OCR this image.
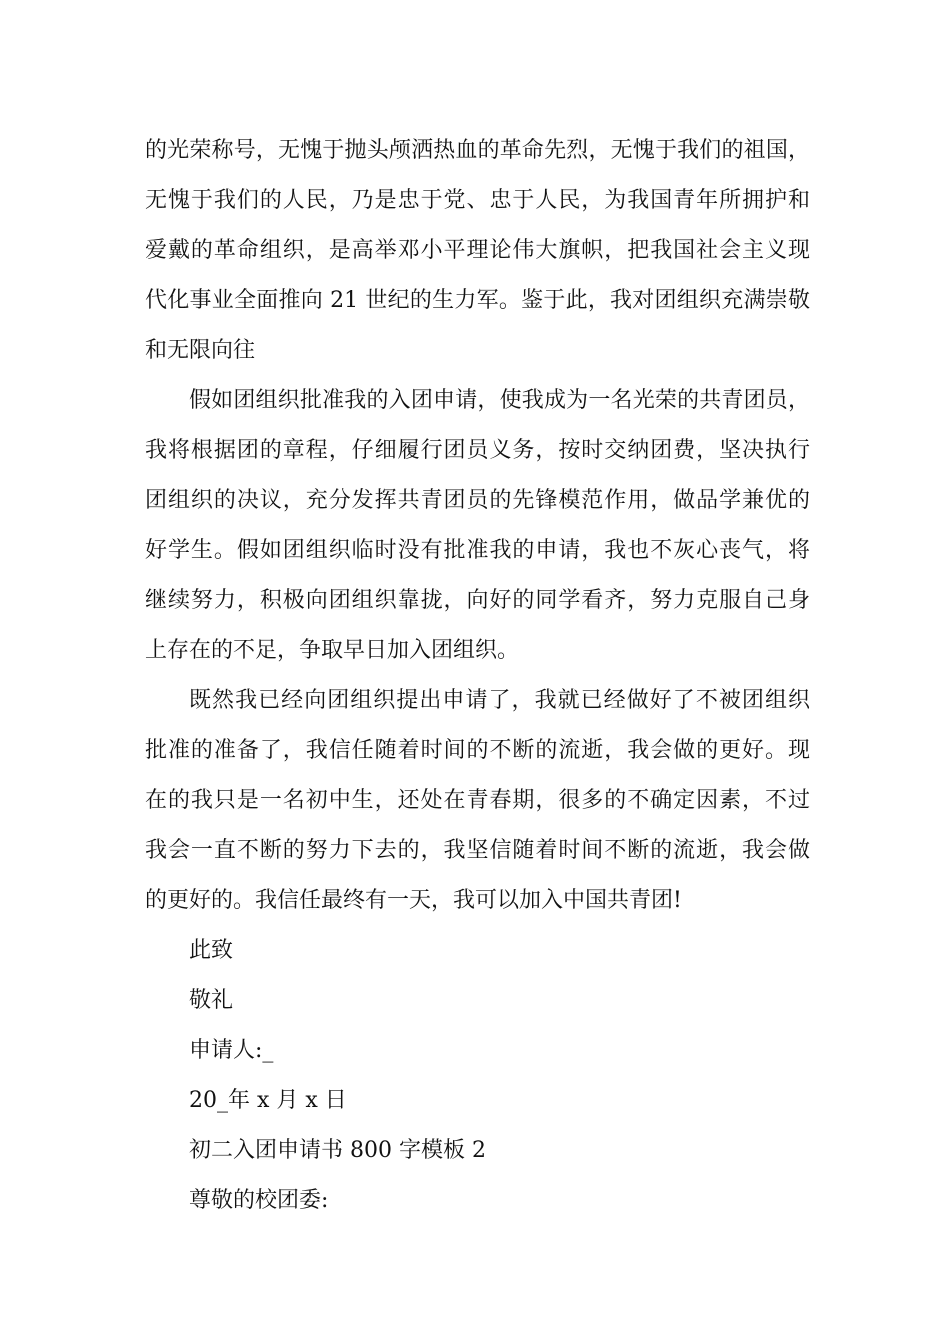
的光荣称号，无愧于抛头颅洒热血的革命先烈，无愧于我们的祖国，
无愧于我们的人民，乃是忠于党、忠于人民，为我国青年所拥护和
爱戴的革命组织，是高举邓小平理论伟大旗帜，把我国社会主义现
代化事业全面推向 21 世纪的生力军。鉴于此，我对团组织充满崇敬
和无限向往
假如团组织批准我的入团申请，使我成为一名光荣的共青团员，
我将根据团的章程，仔细履行团员义务，按时交纳团费，坚决执行
团组织的决议，充分发挥共青团员的先锋模范作用，做品学兼优的
好学生。假如团组织临时没有批准我的申请，我也不灰心丧气，将
继续努力，积极向团组织靠拢，向好的同学看齐，努力克服自己身
上存在的不足，争取早日加入团组织。
既然我已经向团组织提出申请了，我就已经做好了不被团组织
批准的准备了，我信任随着时间的不断的流逝，我会做的更好。现
在的我只是一名初中生，还处在青春期，很多的不确定因素，不过
我会一直不断的努力下去的，我坚信随着时间不断的流逝，我会做
的更好的。我信任最终有一天，我可以加入中国共青团!
此致
敬礼
申请人:_
20_年 x 月 x 日
初二入团申请书 800 字模板 2
尊敬的校团委:
